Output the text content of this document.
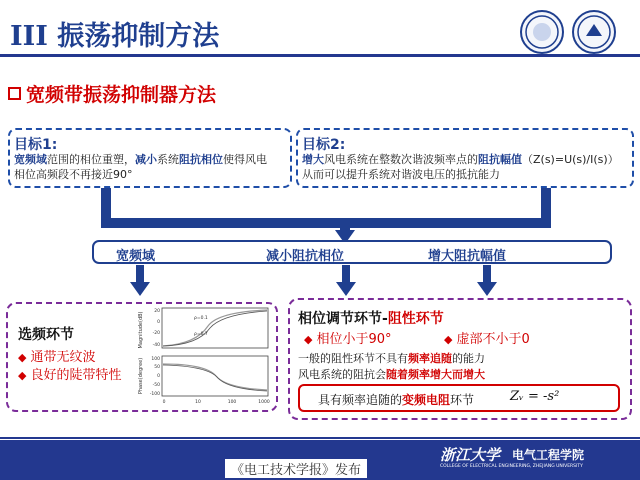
III 振荡抑制方法
宽频带振荡抑制器方法
目标1:
宽频域范围的相位重塑，减小系统阻抗相位使得风电
相位高频段不再接近90°
目标2:
增大风电系统在整数次谐波频率点的阻抗幅值（Z(s)=U(s)/I(s)）
从而可以提升系统对谐波电压的抵抗能力
宽频域	减小阻抗相位	增大阻抗幅值
选频环节
◆ 通带无纹波
◆ 良好的陡带特性
Magnitude(dB)
Phase(degree)
20
0
-20
-40
100
50
0
-50
-100
0	10	100	1000
ρ=0.1
ρ=0.7
相位调节环节-阻性环节
◆ 相位小于90°	◆ 虚部不小于0
一般的阻性环节不具有频率追随的能力
风电系统的阻抗会随着频率增大而增大
具有频率追随的变频电阻环节	Zᵥ = -s²
浙江大学 电气工程学院
COLLEGE OF ELECTRICAL ENGINEERING, ZHEJIANG UNIVERSITY
《电工技术学报》发布
